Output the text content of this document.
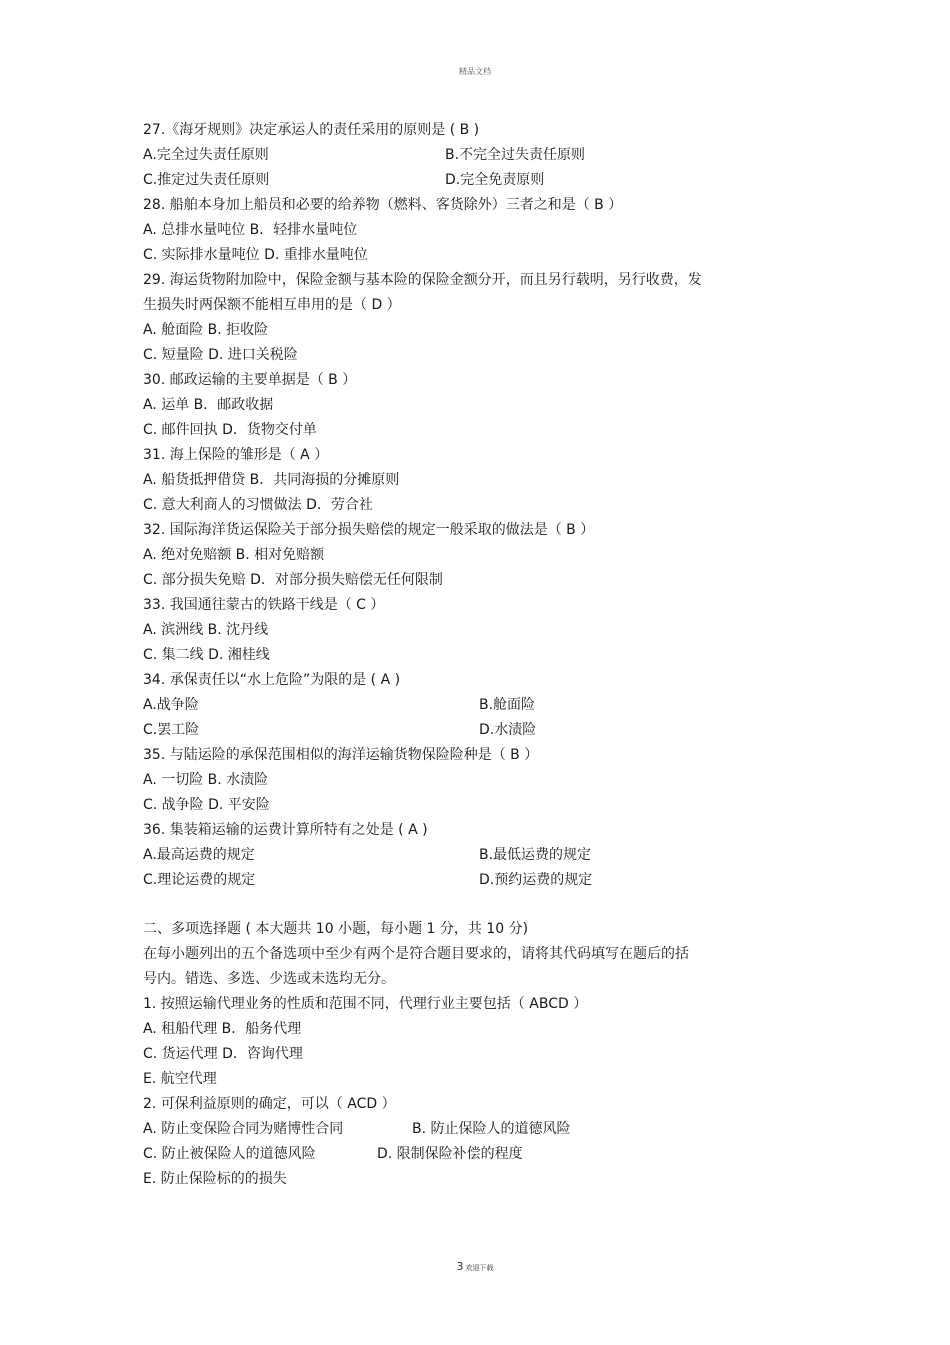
精品文档
27.《海牙规则》决定承运人的责任采用的原则是 ( B )
A.完全过失责任原则	B.不完全过失责任原则
C.推定过失责任原则	D.完全免责原则
28. 船舶本身加上船员和必要的给养物（燃料、客货除外）三者之和是（ B ）
A. 总排水量吨位 B．轻排水量吨位
C. 实际排水量吨位 D. 重排水量吨位
29. 海运货物附加险中，保险金额与基本险的保险金额分开，而且另行载明，另行收费，发
生损失时两保额不能相互串用的是（ D ）
A. 舱面险 B. 拒收险
C. 短量险 D. 进口关税险
30. 邮政运输的主要单据是（ B ）
A. 运单 B．邮政收据
C. 邮件回执 D．货物交付单
31. 海上保险的雏形是（ A ）
A. 船货抵押借贷 B．共同海损的分摊原则
C. 意大利商人的习惯做法 D．劳合社
32. 国际海洋货运保险关于部分损失赔偿的规定一般采取的做法是（ B ）
A. 绝对免赔额 B. 相对免赔额
C. 部分损失免赔 D．对部分损失赔偿无任何限制
33. 我国通往蒙古的铁路干线是（ C ）
A. 滨洲线 B. 沈丹线
C. 集二线 D. 湘桂线
34. 承保责任以“水上危险”为限的是 ( A )
A.战争险	B.舱面险
C.罢工险	D.水渍险
35. 与陆运险的承保范围相似的海洋运输货物保险险种是（ B ）
A. 一切险 B. 水渍险
C. 战争险 D. 平安险
36. 集装箱运输的运费计算所特有之处是 ( A )
A.最高运费的规定	B.最低运费的规定
C.理论运费的规定	D.预约运费的规定
二、多项选择题 ( 本大题共 10 小题，每小题 1 分，共 10 分)
在每小题列出的五个备选项中至少有两个是符合题目要求的，请将其代码填写在题后的括
号内。错选、多选、少选或未选均无分。
1. 按照运输代理业务的性质和范围不同，代理行业主要包括（ ABCD ）
A. 租船代理 B．船务代理
C. 货运代理 D．咨询代理
E. 航空代理
2. 可保利益原则的确定，可以（ ACD ）
A. 防止变保险合同为赌博性合同	B. 防止保险人的道德风险
C. 防止被保险人的道德风险	D. 限制保险补偿的程度
E. 防止保险标的的损失
3 欢迎下载
